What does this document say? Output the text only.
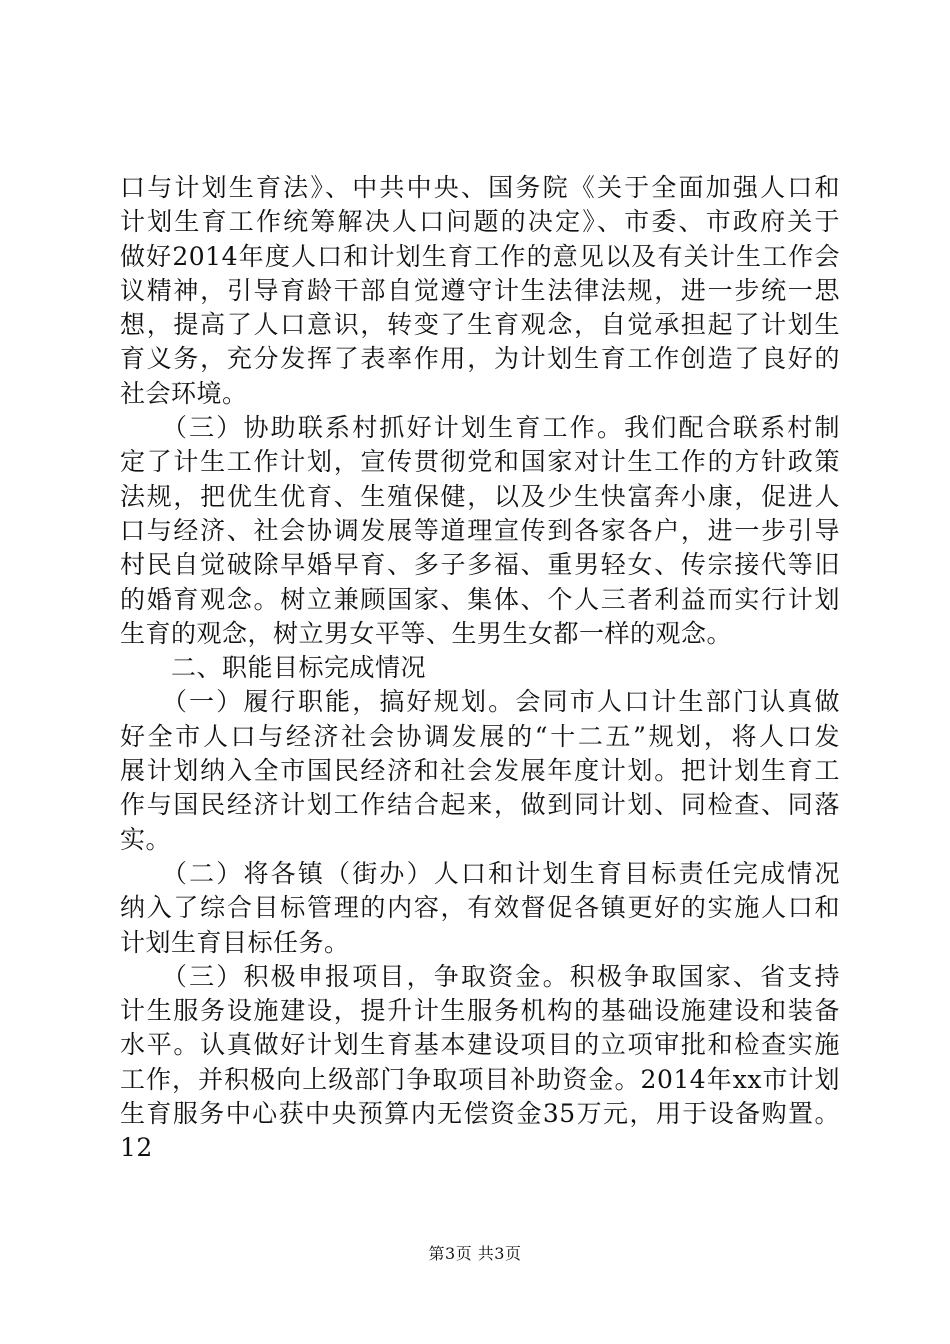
口与计划生育法》、中共中央、国务院《关于全面加强人口和
计划生育工作统筹解决人口问题的决定》、市委、市政府关于
做好2014年度人口和计划生育工作的意见以及有关计生工作会
议精神，引导育龄干部自觉遵守计生法律法规，进一步统一思
想，提高了人口意识，转变了生育观念，自觉承担起了计划生
育义务，充分发挥了表率作用，为计划生育工作创造了良好的
社会环境。
　　（三）协助联系村抓好计划生育工作。我们配合联系村制
定了计生工作计划，宣传贯彻党和国家对计生工作的方针政策
法规，把优生优育、生殖保健，以及少生快富奔小康，促进人
口与经济、社会协调发展等道理宣传到各家各户，进一步引导
村民自觉破除早婚早育、多子多福、重男轻女、传宗接代等旧
的婚育观念。树立兼顾国家、集体、个人三者利益而实行计划
生育的观念，树立男女平等、生男生女都一样的观念。
　　二、职能目标完成情况
　　（一）履行职能，搞好规划。会同市人口计生部门认真做
好全市人口与经济社会协调发展的“十二五”规划，将人口发
展计划纳入全市国民经济和社会发展年度计划。把计划生育工
作与国民经济计划工作结合起来，做到同计划、同检查、同落
实。
　　（二）将各镇（街办）人口和计划生育目标责任完成情况
纳入了综合目标管理的内容，有效督促各镇更好的实施人口和
计划生育目标任务。
　　（三）积极申报项目，争取资金。积极争取国家、省支持
计生服务设施建设，提升计生服务机构的基础设施建设和装备
水平。认真做好计划生育基本建设项目的立项审批和检查实施
工作，并积极向上级部门争取项目补助资金。2014年xx市计划
生育服务中心获中央预算内无偿资金35万元，用于设备购置。
12
第3页 共3页
